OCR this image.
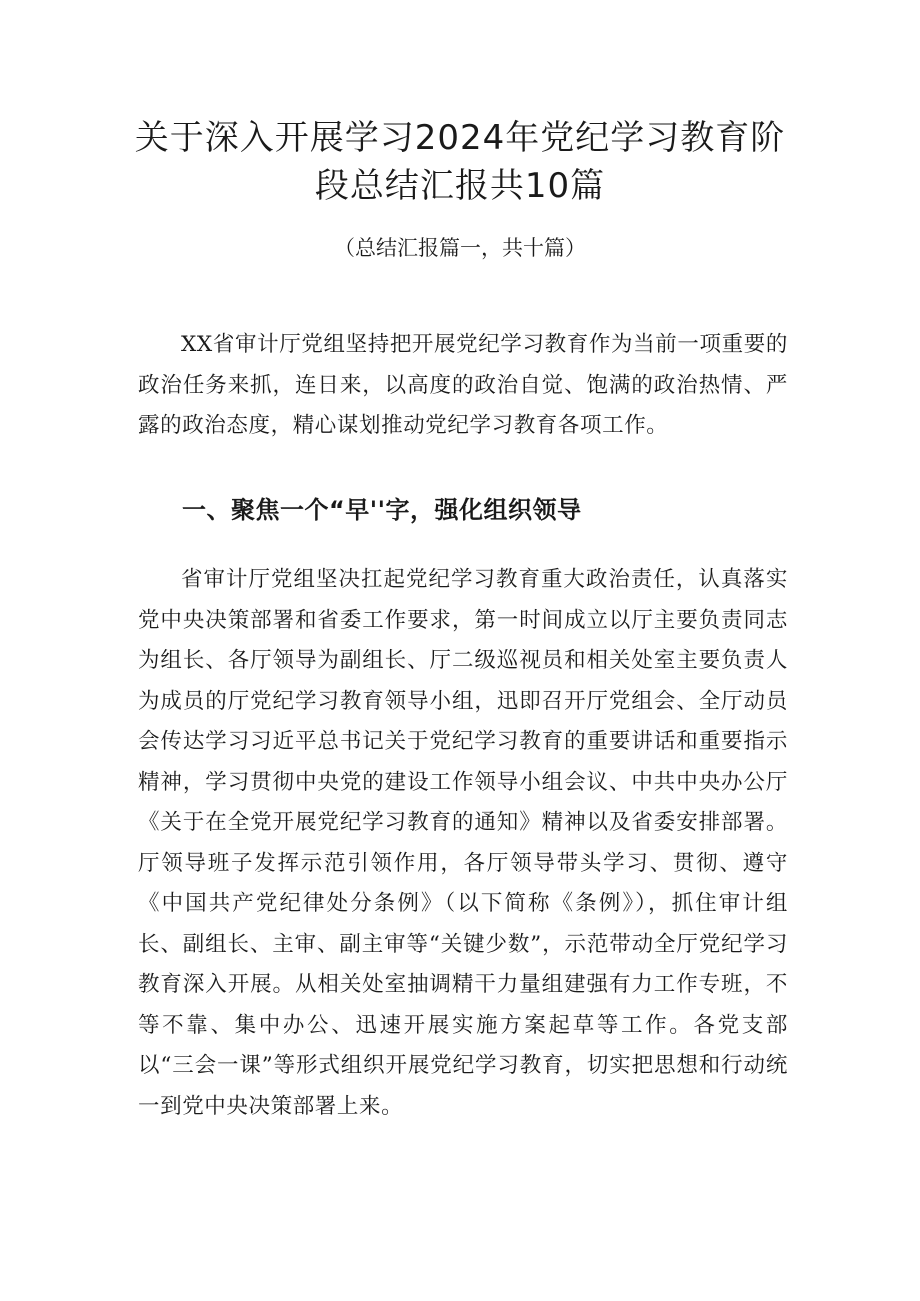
关于深入开展学习2024年党纪学习教育阶
段总结汇报共10篇
（总结汇报篇一，共十篇）

XX省审计厅党组坚持把开展党纪学习教育作为当前一项重要的政治任务来抓，连日来，以高度的政治自觉、饱满的政治热情、严露的政治态度，精心谋划推动党纪学习教育各项工作。

一、聚焦一个“早''字，强化组织领导

省审计厅党组坚决扛起党纪学习教育重大政治责任，认真落实党中央决策部署和省委工作要求，第一时间成立以厅主要负责同志为组长、各厅领导为副组长、厅二级巡视员和相关处室主要负责人为成员的厅党纪学习教育领导小组，迅即召开厅党组会、全厅动员会传达学习习近平总书记关于党纪学习教育的重要讲话和重要指示精神，学习贯彻中央党的建设工作领导小组会议、中共中央办公厅《关于在全党开展党纪学习教育的通知》精神以及省委安排部署。厅领导班子发挥示范引领作用，各厅领导带头学习、贯彻、遵守《中国共产党纪律处分条例》（以下简称《条例》），抓住审计组长、副组长、主审、副主审等“关键少数”，示范带动全厅党纪学习教育深入开展。从相关处室抽调精干力量组建强有力工作专班，不等不靠、集中办公、迅速开展实施方案起草等工作。各党支部以“三会一课”等形式组织开展党纪学习教育，切实把思想和行动统一到党中央决策部署上来。
